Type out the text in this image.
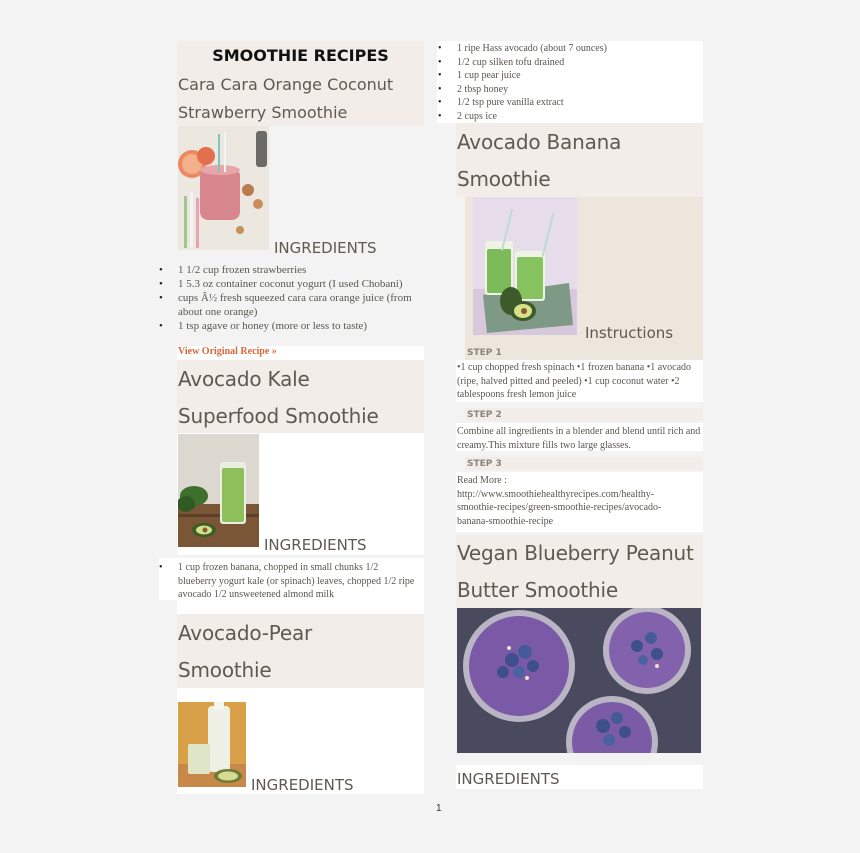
SMOOTHIE RECIPES
Cara Cara Orange Coconut
Strawberry Smoothie
INGREDIENTS
• 1 1/2 cup frozen strawberries
• 1 5.3 oz container coconut yogurt (I used Chobani)
• cups Â½ fresh squeezed cara cara orange juice (from about one orange)
• 1 tsp agave or honey (more or less to taste)
View Original Recipe »
Avocado Kale
Superfood Smoothie
INGREDIENTS
• 1 cup frozen banana, chopped in small chunks 1/2 blueberry yogurt kale (or spinach) leaves, chopped 1/2 ripe avocado 1/2 unsweetened almond milk
Avocado-Pear
Smoothie
INGREDIENTS
• 1 ripe Hass avocado (about 7 ounces)
• 1/2 cup silken tofu drained
• 1 cup pear juice
• 2 tbsp honey
• 1/2 tsp pure vanilla extract
• 2 cups ice
Avocado Banana
Smoothie
Instructions
STEP 1
•1 cup chopped fresh spinach •1 frozen banana •1 avocado (ripe, halved pitted and peeled) •1 cup coconut water •2 tablespoons fresh lemon juice
STEP 2
Combine all ingredients in a blender and blend until rich and creamy.This mixture fills two large glasses.
STEP 3
Read More : http://www.smoothiehealthyrecipes.com/healthy-smoothie-recipes/green-smoothie-recipes/avocado-banana-smoothie-recipe
Vegan Blueberry Peanut
Butter Smoothie
INGREDIENTS
1
